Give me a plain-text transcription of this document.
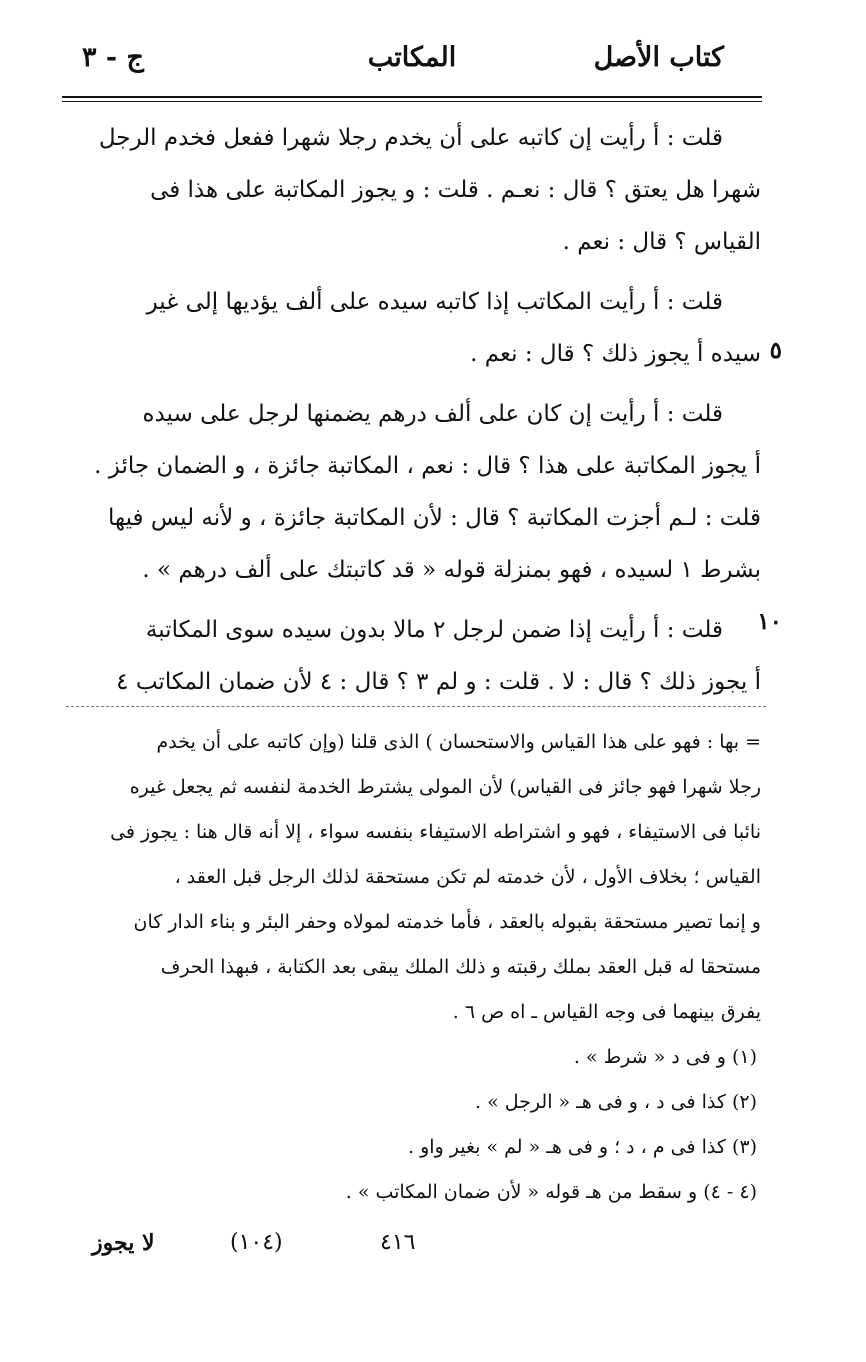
كتاب الأصل
المكاتب
ج - ٣
قلت : أ رأيت إن كاتبه على أن يخدم رجلا شهرا ففعل فخدم الرجل
شهرا هل يعتق ؟ قال : نعـم . قلت : و يجوز المكاتبة على هذا فى
القياس ؟ قال : نعم .
قلت : أ رأيت المكاتب إذا كاتبه سيده على ألف يؤديها إلى غير
سيده أ يجوز ذلك ؟ قال : نعم .
قلت : أ رأيت إن كان على ألف درهم يضمنها لرجل على سيده
أ يجوز المكاتبة على هذا ؟ قال : نعم ، المكاتبة جائزة ، و الضمان جائز .
قلت : لـم أجزت المكاتبة ؟ قال : لأن المكاتبة جائزة ، و لأنه ليس فيها
بشرط ١ لسيده ، فهو بمنزلة قوله « قد كاتبتك على ألف درهم » .
قلت : أ رأيت إذا ضمن لرجل ٢ مالا بدون سيده سوى المكاتبة
أ يجوز ذلك ؟ قال : لا . قلت : و لم ٣ ؟ قال : ٤ لأن ضمان المكاتب ٤
٥
١٠
= بها : فهو على هذا القياس والاستحسان ) الذى قلنا (وإن كاتبه على أن يخدم
رجلا شهرا فهو جائز فى القياس) لأن المولى يشترط الخدمة لنفسه ثم يجعل غيره
نائبا فى الاستيفاء ، فهو و اشتراطه الاستيفاء بنفسه سواء ، إلا أنه قال هنا : يجوز فى
القياس ؛ بخلاف الأول ، لأن خدمته لم تكن مستحقة لذلك الرجل قبل العقد ،
و إنما تصير مستحقة بقبوله بالعقد ، فأما خدمته لمولاه وحفر البئر و بناء الدار كان
مستحقا له قبل العقد بملك رقبته و ذلك الملك يبقى بعد الكتابة ، فبهذا الحرف
يفرق بينهما فى وجه القياس ـ اه ص ٦ .
(١) و فى د « شرط » .
(٢) كذا فى د ، و فى هـ « الرجل » .
(٣) كذا فى م ، د ؛ و فى هـ « لم » بغير واو .
(٤ - ٤) و سقط من هـ قوله « لأن ضمان المكاتب » .
٤١٦
(١٠٤)
لا يجوز
